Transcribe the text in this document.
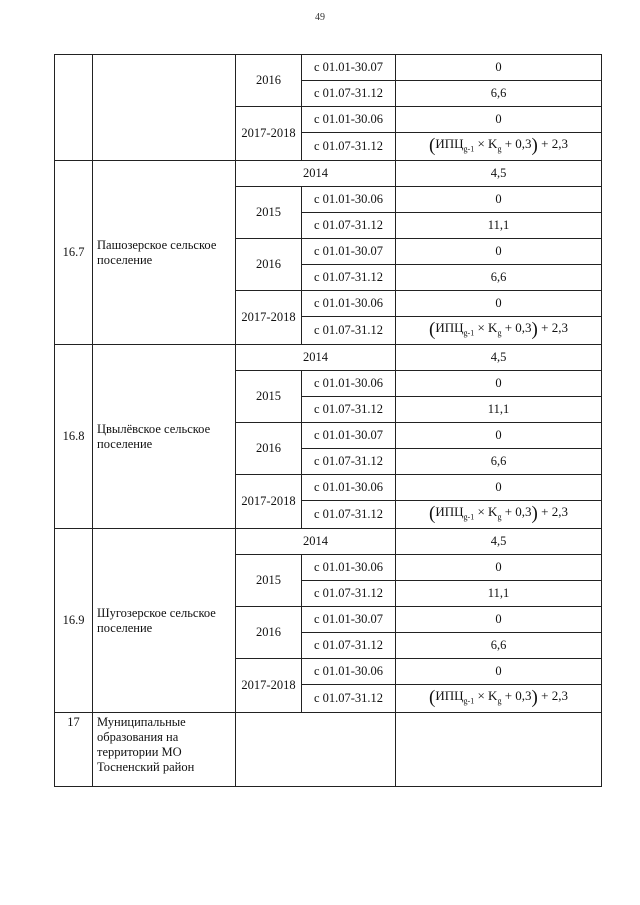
49
		2016	с 01.01-30.07	0
			с 01.07-31.12	6,6
		2017-2018	с 01.01-30.06	0
			с 01.07-31.12	$(ИПЦ_{g-1} \times K_g + 0,3) + 2,3$
16.7	Пашозерское сельское поселение	2014		4,5
		2015	с 01.01-30.06	0
			с 01.07-31.12	11,1
		2016	с 01.01-30.07	0
			с 01.07-31.12	6,6
		2017-2018	с 01.01-30.06	0
			с 01.07-31.12	$(ИПЦ_{g-1} \times K_g + 0,3) + 2,3$
16.8	Цвылёвское сельское поселение	2014		4,5
		2015	с 01.01-30.06	0
			с 01.07-31.12	11,1
		2016	с 01.01-30.07	0
			с 01.07-31.12	6,6
		2017-2018	с 01.01-30.06	0
			с 01.07-31.12	$(ИПЦ_{g-1} \times K_g + 0,3) + 2,3$
16.9	Шугозерское сельское поселение	2014		4,5
		2015	с 01.01-30.06	0
			с 01.07-31.12	11,1
		2016	с 01.01-30.07	0
			с 01.07-31.12	6,6
		2017-2018	с 01.01-30.06	0
			с 01.07-31.12	$(ИПЦ_{g-1} \times K_g + 0,3) + 2,3$
17	Муниципальные образования на территории МО Тосненский район			
